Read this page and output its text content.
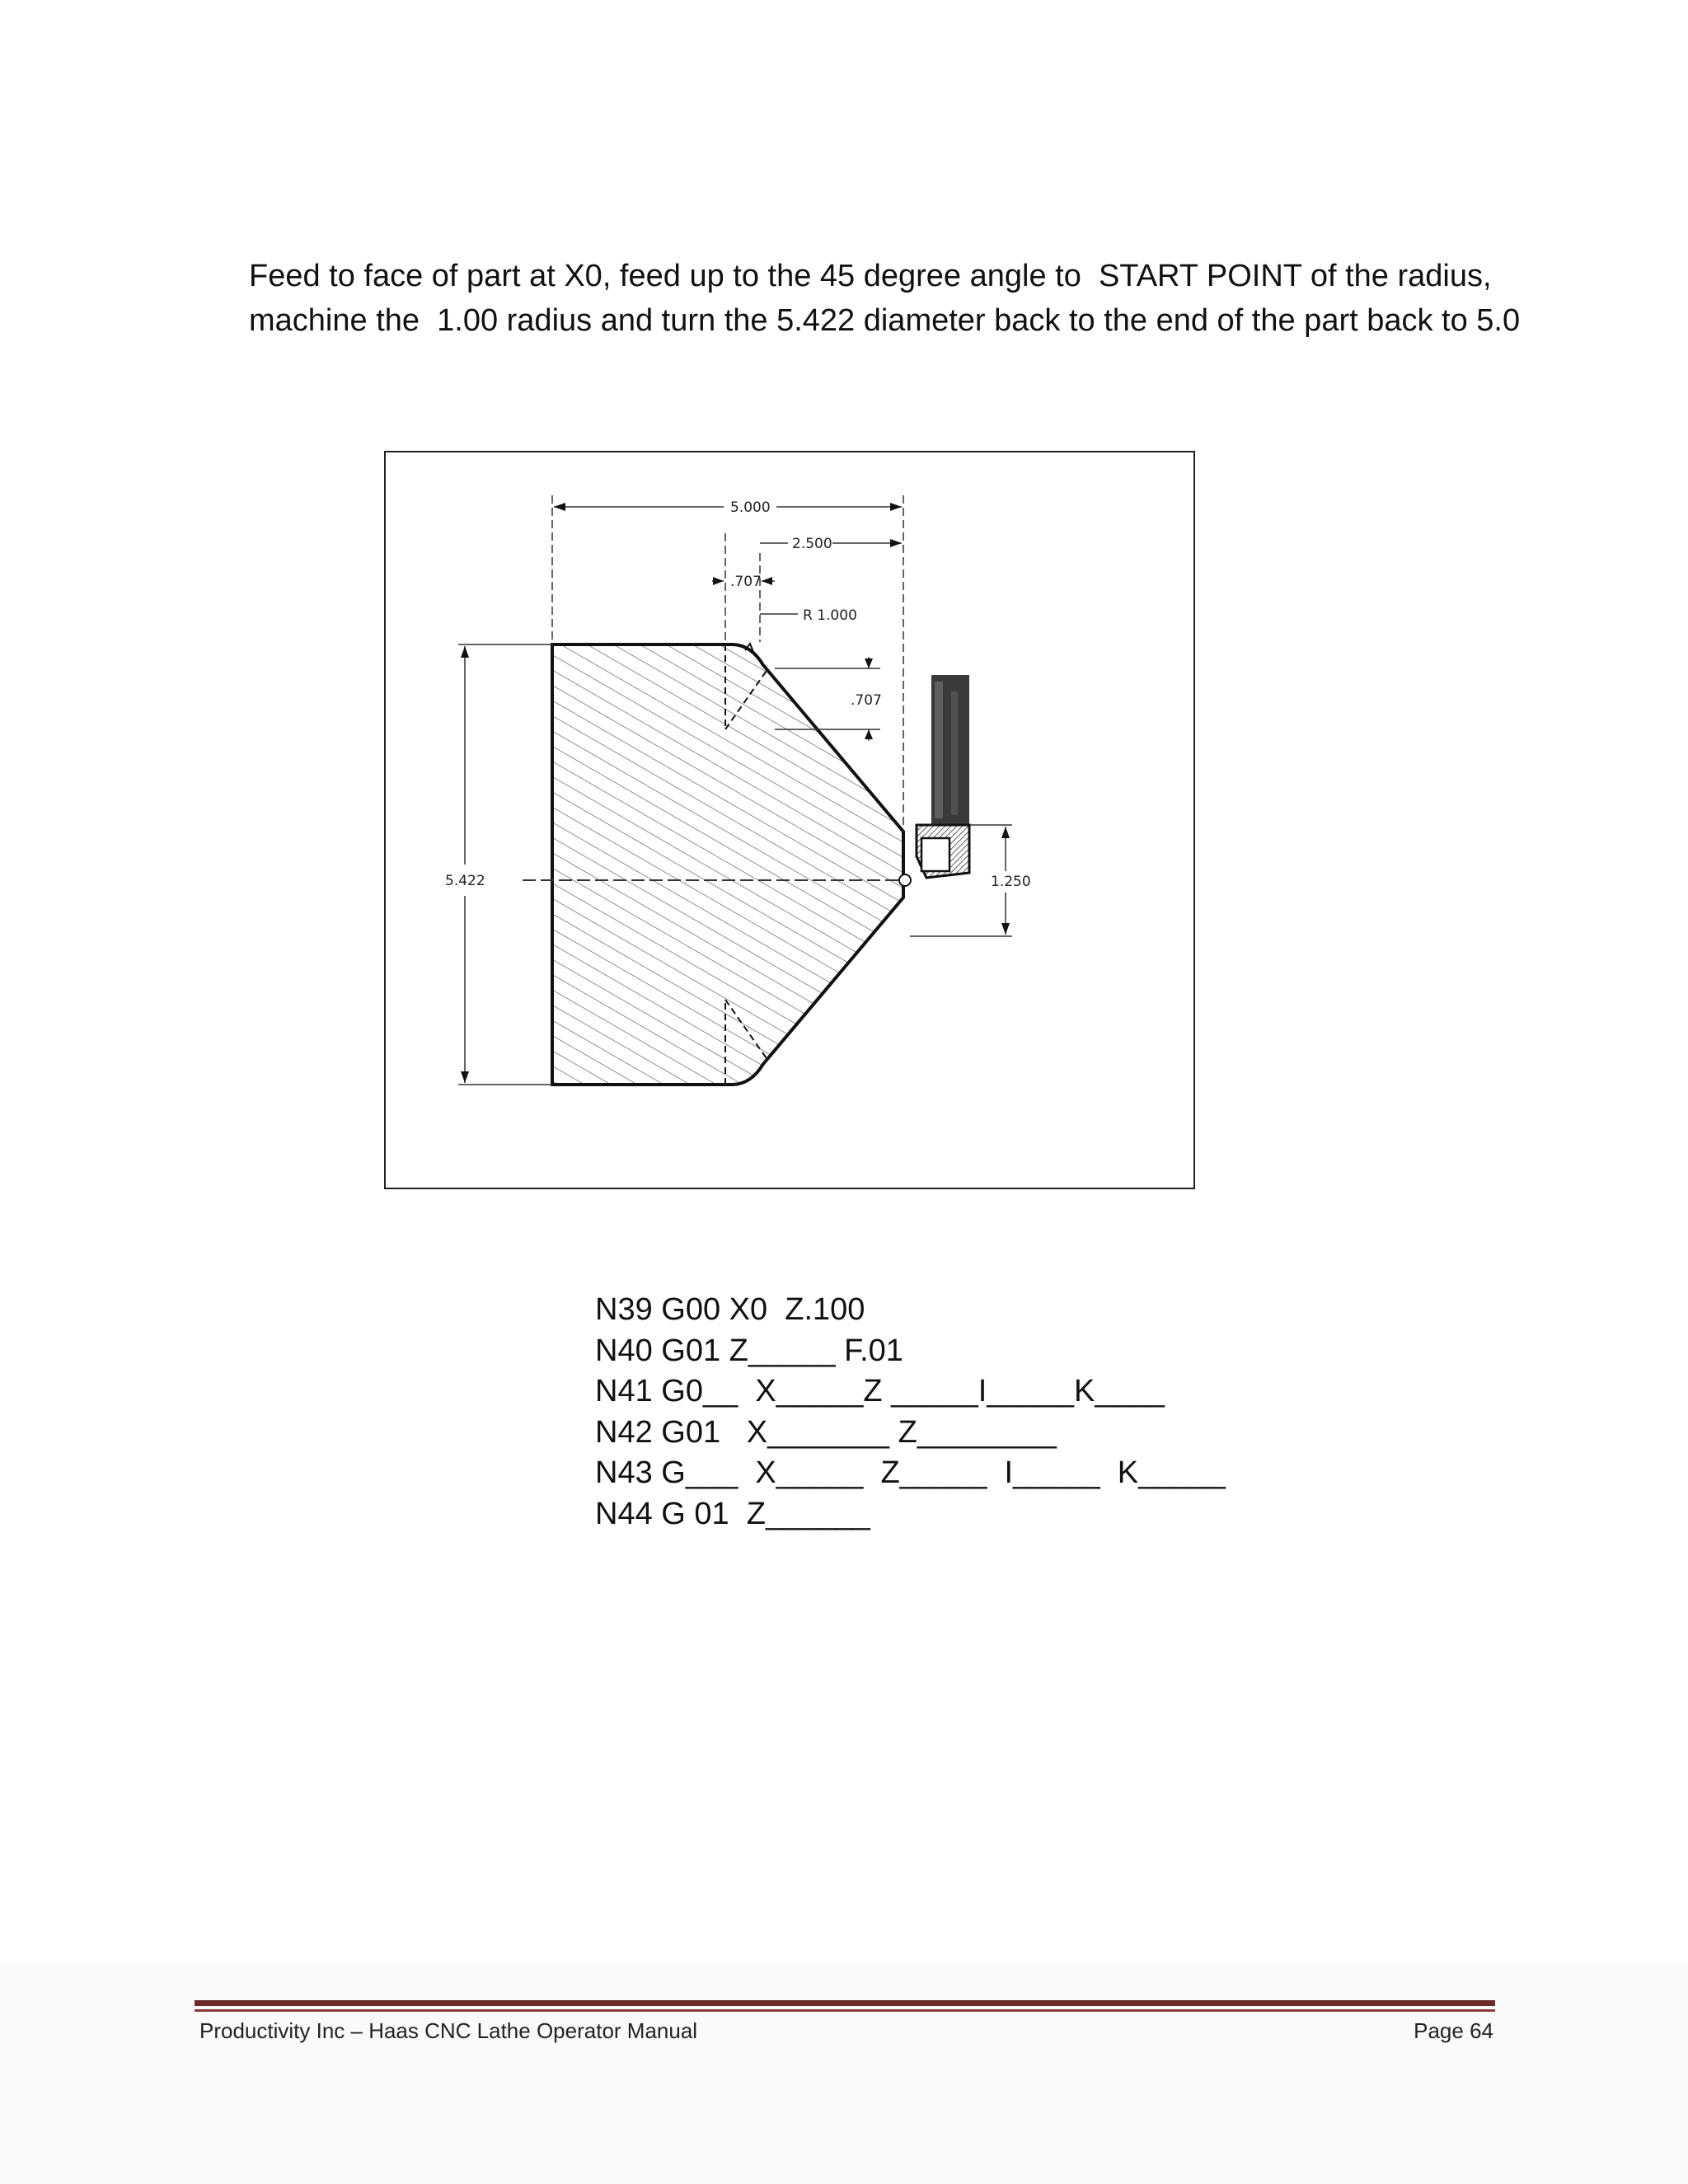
Feed to face of part at X0, feed up to the 45 degree angle to  START POINT of the radius,
machine the  1.00 radius and turn the 5.422 diameter back to the end of the part back to 5.0
5.000
2.500
.707
R 1.000
.707
5.422	1.250
N39 G00 X0  Z.100
N40 G01 Z_____ F.01
N41 G0__  X_____Z _____I_____K____
N42 G01   X_______ Z________
N43 G___  X_____  Z_____  I_____  K_____
N44 G 01  Z______
Productivity Inc – Haas CNC Lathe Operator Manual	Page 64
